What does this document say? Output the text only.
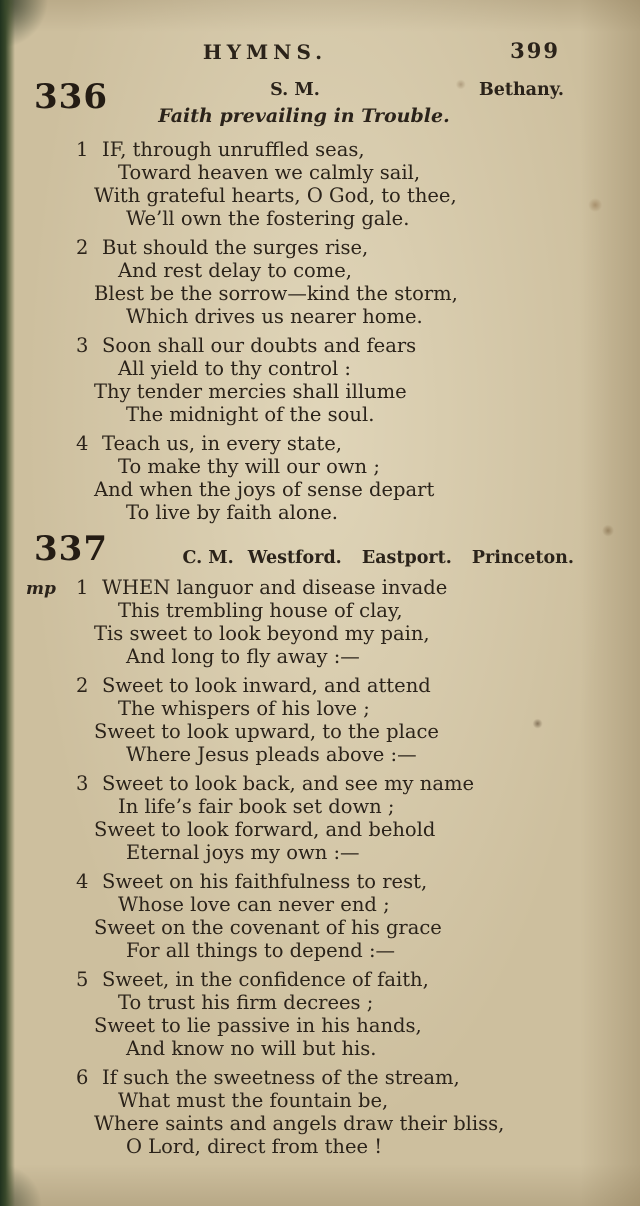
HYMNS.	399
336	S. M.	Bethany.
Faith prevailing in Trouble.

1 IF, through unruffled seas,

Toward heaven we calmly sail,

With grateful hearts, O God, to thee,

We’ll own the fostering gale.

2 But should the surges rise,

And rest delay to come,

Blest be the sorrow—kind the storm,

Which drives us nearer home.

3 Soon shall our doubts and fears

All yield to thy control :

Thy tender mercies shall illume

The midnight of the soul.

4 Teach us, in every state,

To make thy will our own ;

And when the joys of sense depart

To live by faith alone.

337	C. M. Westford. Eastport. Princeton.
mp 1 WHEN languor and disease invade

This trembling house of clay,

Tis sweet to look beyond my pain,

And long to fly away :—

2 Sweet to look inward, and attend

The whispers of his love ;

Sweet to look upward, to the place

Where Jesus pleads above :—

3 Sweet to look back, and see my name

In life’s fair book set down ;

Sweet to look forward, and behold

Eternal joys my own :—

4 Sweet on his faithfulness to rest,

Whose love can never end ;

Sweet on the covenant of his grace

For all things to depend :—

5 Sweet, in the confidence of faith,

To trust his firm decrees ;

Sweet to lie passive in his hands,

And know no will but his.

6 If such the sweetness of the stream,

What must the fountain be,

Where saints and angels draw their bliss,

O Lord, direct from thee !
